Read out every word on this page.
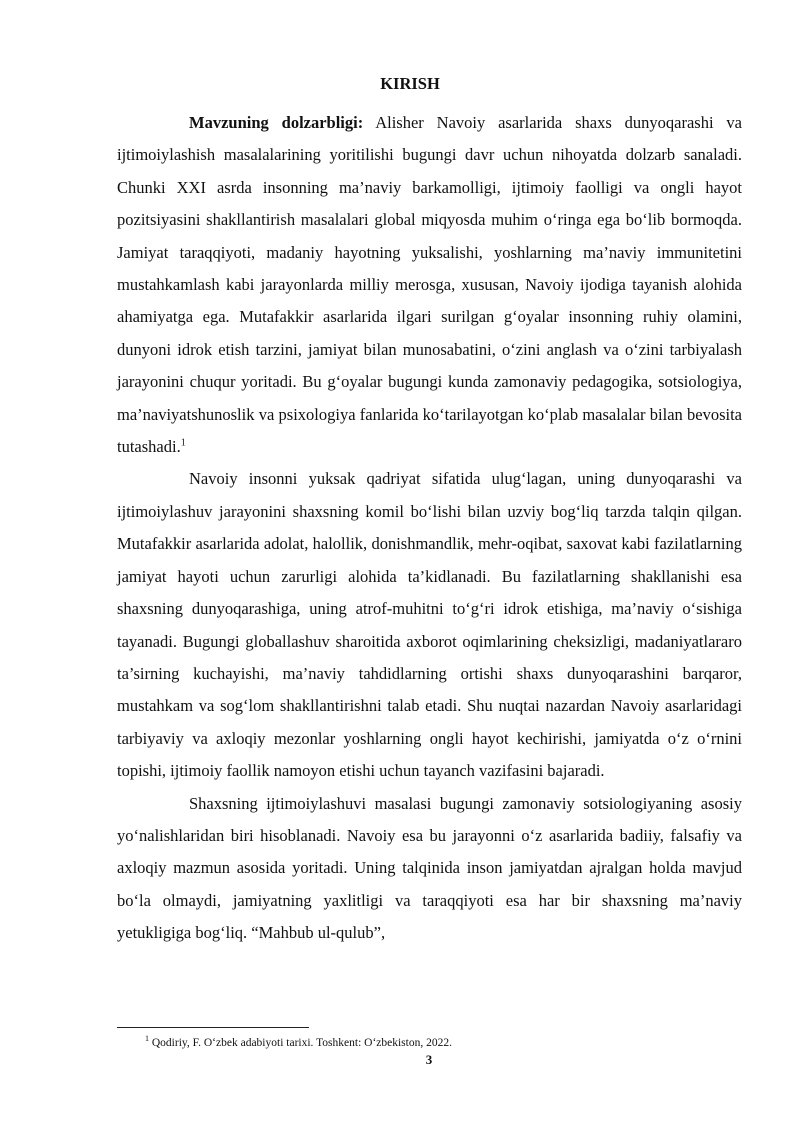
KIRISH

Mavzuning dolzarbligi: Alisher Navoiy asarlarida shaxs dunyoqarashi va ijtimoiylashish masalalarining yoritilishi bugungi davr uchun nihoyatda dolzarb sanaladi. Chunki XXI asrda insonning ma’naviy barkamolligi, ijtimoiy faolligi va ongli hayot pozitsiyasini shakllantirish masalalari global miqyosda muhim o‘ringa ega bo‘lib bormoqda. Jamiyat taraqqiyoti, madaniy hayotning yuksalishi, yoshlarning ma’naviy immunitetini mustahkamlash kabi jarayonlarda milliy merosga, xususan, Navoiy ijodiga tayanish alohida ahamiyatga ega. Mutafakkir asarlarida ilgari surilgan g‘oyalar insonning ruhiy olamini, dunyoni idrok etish tarzini, jamiyat bilan munosabatini, o‘zini anglash va o‘zini tarbiyalash jarayonini chuqur yoritadi. Bu g‘oyalar bugungi kunda zamonaviy pedagogika, sotsiologiya, ma’naviyatshunoslik va psixologiya fanlarida ko‘tarilayotgan ko‘plab masalalar bilan bevosita tutashadi.$^1$

Navoiy insonni yuksak qadriyat sifatida ulug‘lagan, uning dunyoqarashi va ijtimoiylashuv jarayonini shaxsning komil bo‘lishi bilan uzviy bog‘liq tarzda talqin qilgan. Mutafakkir asarlarida adolat, halollik, donishmandlik, mehr-oqibat, saxovat kabi fazilatlarning jamiyat hayoti uchun zarurligi alohida ta’kidlanadi. Bu fazilatlarning shakllanishi esa shaxsning dunyoqarashiga, uning atrof-muhitni to‘g‘ri idrok etishiga, ma’naviy o‘sishiga tayanadi. Bugungi globallashuv sharoitida axborot oqimlarining cheksizligi, madaniyatlararo ta’sirning kuchayishi, ma’naviy tahdidlarning ortishi shaxs dunyoqarashini barqaror, mustahkam va sog‘lom shakllantirishni talab etadi. Shu nuqtai nazardan Navoiy asarlaridagi tarbiyaviy va axloqiy mezonlar yoshlarning ongli hayot kechirishi, jamiyatda o‘z o‘rnini topishi, ijtimoiy faollik namoyon etishi uchun tayanch vazifasini bajaradi.

Shaxsning ijtimoiylashuvi masalasi bugungi zamonaviy sotsiologiyaning asosiy yo‘nalishlaridan biri hisoblanadi. Navoiy esa bu jarayonni o‘z asarlarida badiiy, falsafiy va axloqiy mazmun asosida yoritadi. Uning talqinida inson jamiyatdan ajralgan holda mavjud bo‘la olmaydi, jamiyatning yaxlitligi va taraqqiyoti esa har bir shaxsning ma’naviy yetukligiga bog‘liq. “Mahbub ul-qulub”,

$^1$ Qodiriy, F. O‘zbek adabiyoti tarixi. Toshkent: O‘zbekiston, 2022.
3
